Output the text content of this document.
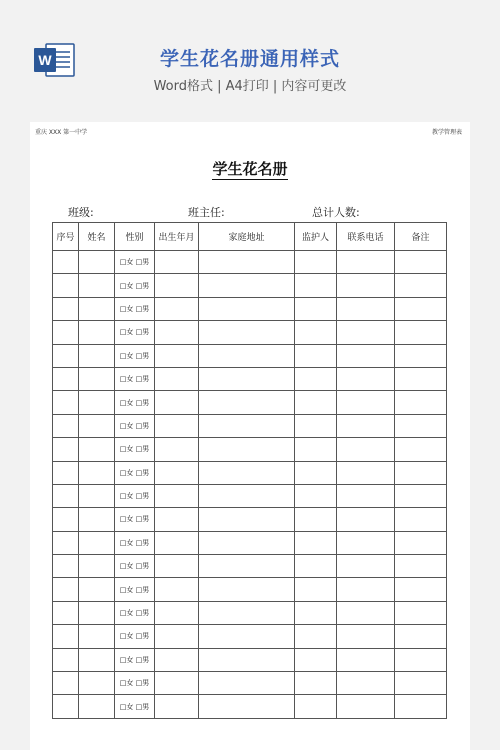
W	学生花名册通用样式
Word格式 | A4打印 | 内容可更改
重庆 XXX 第一中学	教学管理表
学生花名册
班级:	班主任:	总计人数:
序号	姓名	性别	出生年月	家庭地址	监护人	联系电话	备注
		□女 □男					
		□女 □男					
		□女 □男					
		□女 □男					
		□女 □男					
		□女 □男					
		□女 □男					
		□女 □男					
		□女 □男					
		□女 □男					
		□女 □男					
		□女 □男					
		□女 □男					
		□女 □男					
		□女 □男					
		□女 □男					
		□女 □男					
		□女 □男					
		□女 □男					
		□女 □男					
